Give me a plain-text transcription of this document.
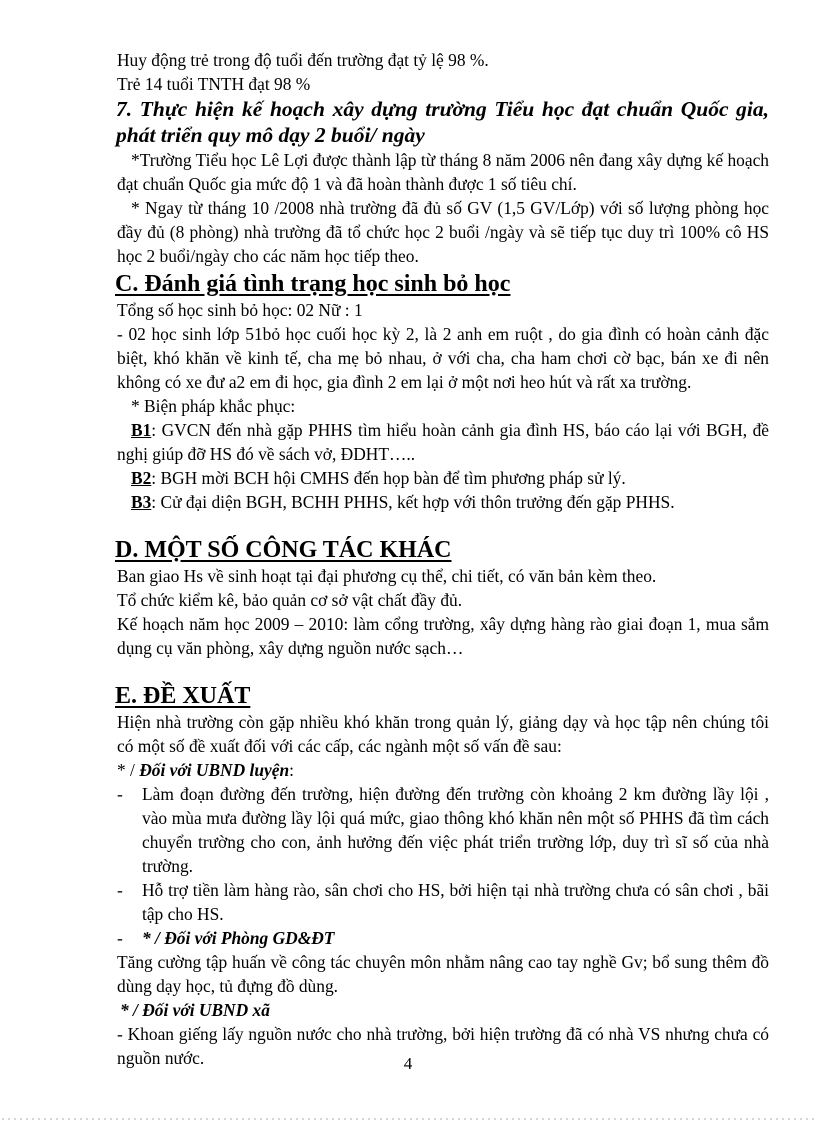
Huy động trẻ trong độ tuổi đến trường đạt tỷ lệ 98 %.

Trẻ 14 tuổi TNTH đạt 98 %

7. Thực hiện kế hoạch xây dựng trường Tiểu học đạt chuẩn Quốc gia, phát triển quy mô dạy 2 buổi/ ngày

*Trường Tiểu học Lê Lợi được thành lập từ tháng 8 năm 2006 nên đang xây dựng kế hoạch đạt chuẩn Quốc gia mức độ 1 và đã hoàn thành được 1 số tiêu chí.

* Ngay từ tháng 10 /2008 nhà trường đã đủ số GV (1,5 GV/Lớp) với số lượng phòng học đầy đủ (8 phòng) nhà trường đã tổ chức học 2 buổi /ngày và sẽ tiếp tục duy trì 100% cô HS học 2 buổi/ngày cho các năm học tiếp theo.

C. Đánh giá tình trạng học sinh bỏ học

Tổng số học sinh bỏ học: 02 Nữ : 1

- 02 học sinh lớp 51bỏ học cuối học kỳ 2, là 2 anh em ruột , do gia đình có hoàn cảnh đặc biệt, khó khăn về kinh tế, cha mẹ bỏ nhau, ở với cha, cha ham chơi cờ bạc, bán xe đi nên không có xe đư a2 em đi học, gia đình 2 em lại ở một nơi heo hút và rất xa trường.

* Biện pháp khắc phục:

B1: GVCN đến nhà gặp PHHS tìm hiểu hoàn cảnh gia đình HS, báo cáo lại với BGH, đề nghị giúp đỡ HS đó về sách vở, ĐDHT…..

B2: BGH mời BCH hội CMHS đến họp bàn để tìm phương pháp sử lý.

B3: Cử đại diện BGH, BCHH PHHS, kết hợp với thôn trưởng đến gặp PHHS.

D. MỘT SỐ CÔNG TÁC KHÁC

Ban giao Hs về sinh hoạt tại đại phương cụ thể, chi tiết, có văn bản kèm theo.

Tổ chức kiểm kê, bảo quản cơ sở vật chất đầy đủ.

Kế hoạch năm học 2009 – 2010: làm cổng trường, xây dựng hàng rào giai đoạn 1, mua sắm dụng cụ văn phòng, xây dựng nguồn nước sạch…

E. ĐỀ XUẤT

Hiện nhà trường còn gặp nhiều khó khăn trong quản lý, giảng dạy và học tập nên chúng tôi có một số đề xuất đối với các cấp, các ngành một số vấn đề sau:

* / Đối với UBND luyện:

- Làm đoạn đường đến trường, hiện đường đến trường còn khoảng 2 km đường lầy lội , vào mùa mưa đường lầy lội quá mức, giao thông khó khăn nên một số PHHS đã tìm cách chuyển trường cho con, ảnh hưởng đến việc phát triển trường lớp, duy trì sĩ số của nhà trường.
- Hỗ trợ tiền làm hàng rào, sân chơi cho HS, bởi hiện tại nhà trường chưa có sân chơi , bãi tập cho HS.
- * / Đối với Phòng GD&ĐT

Tăng cường tập huấn về công tác chuyên môn nhằm nâng cao tay nghề Gv; bổ sung thêm đồ dùng dạy học, tủ đựng đồ dùng.

* / Đối với UBND xã

- Khoan giếng lấy nguồn nước cho nhà trường, bởi hiện trường đã có nhà VS nhưng chưa có nguồn nước.	4
